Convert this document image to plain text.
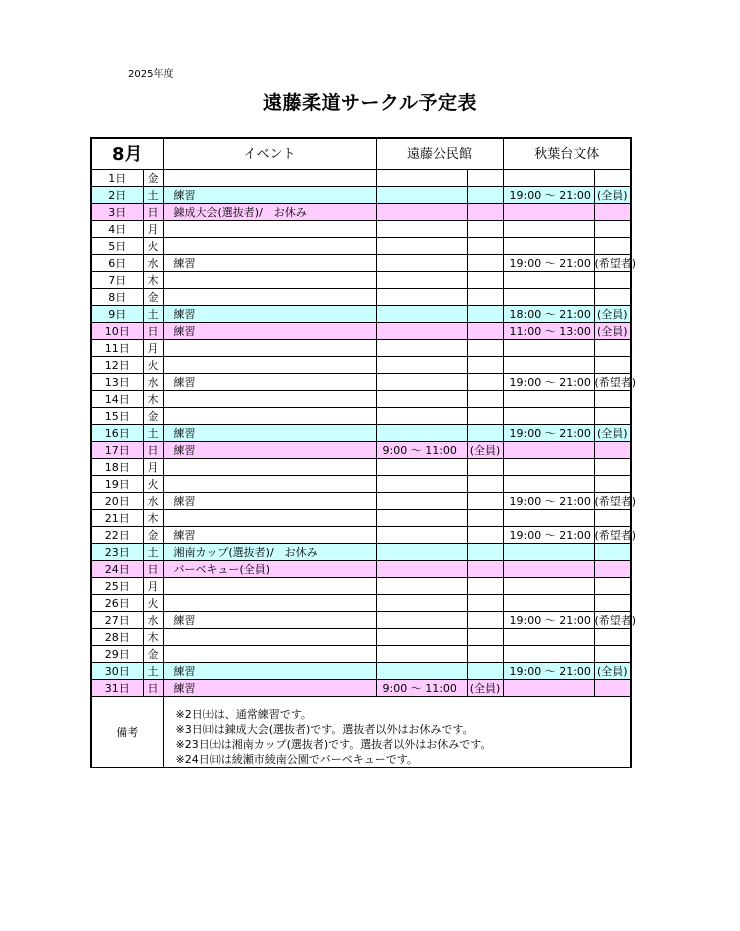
2025年度
遠藤柔道サークル予定表
8月		イベント	遠藤公民館		秋葉台文体	
1日	金					
2日	土	練習			19:00 ～ 21:00	(全員)
3日	日	錬成大会(選抜者)/　お休み				
4日	月					
5日	火					
6日	水	練習			19:00 ～ 21:00	(希望者)
7日	木					
8日	金					
9日	土	練習			18:00 ～ 21:00	(全員)
10日	日	練習			11:00 ～ 13:00	(全員)
11日	月					
12日	火					
13日	水	練習			19:00 ～ 21:00	(希望者)
14日	木					
15日	金					
16日	土	練習			19:00 ～ 21:00	(全員)
17日	日	練習	9:00 ～ 11:00	(全員)		
18日	月					
19日	火					
20日	水	練習			19:00 ～ 21:00	(希望者)
21日	木					
22日	金	練習			19:00 ～ 21:00	(希望者)
23日	土	湘南カップ(選抜者)/　お休み				
24日	日	バーベキュー(全員)				
25日	月					
26日	火					
27日	水	練習			19:00 ～ 21:00	(希望者)
28日	木					
29日	金					
30日	土	練習			19:00 ～ 21:00	(全員)
31日	日	練習	9:00 ～ 11:00	(全員)		
備考		※2日㈯は、通常練習です。
※3日㈰は錬成大会(選抜者)です。選抜者以外はお休みです。
※23日㈯は湘南カップ(選抜者)です。選抜者以外はお休みです。
※24日㈰は綾瀬市綾南公園でバーベキューです。				
